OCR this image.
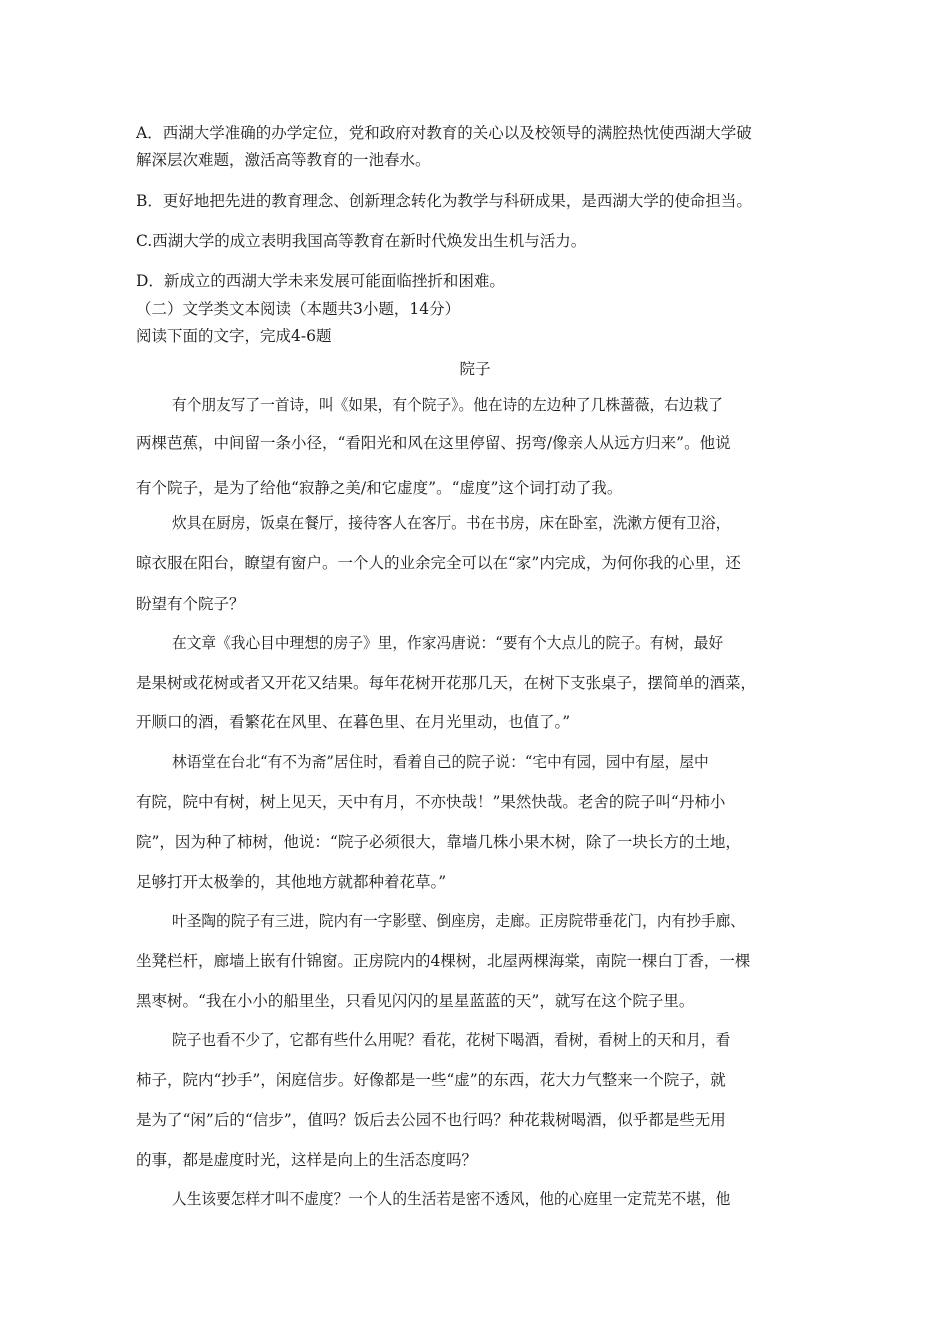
A．西湖大学准确的办学定位，党和政府对教育的关心以及校领导的满腔热忱使西湖大学破
解深层次难题，激活高等教育的一池春水。
B．更好地把先进的教育理念、创新理念转化为教学与科研成果，是西湖大学的使命担当。
C.西湖大学的成立表明我国高等教育在新时代焕发出生机与活力。
D．新成立的西湖大学未来发展可能面临挫折和困难。
（二）文学类文本阅读（本题共3小题，14分）
阅读下面的文字，完成4-6题
院子
有个朋友写了一首诗，叫《如果，有个院子》。他在诗的左边种了几株蔷薇，右边栽了
两棵芭蕉，中间留一条小径，“看阳光和风在这里停留、拐弯/像亲人从远方归来”。他说
有个院子，是为了给他“寂静之美/和它虚度”。“虚度”这个词打动了我。
炊具在厨房，饭桌在餐厅，接待客人在客厅。书在书房，床在卧室，洗漱方便有卫浴，
晾衣服在阳台，瞭望有窗户。一个人的业余完全可以在“家”内完成，为何你我的心里，还
盼望有个院子？
在文章《我心目中理想的房子》里，作家冯唐说：“要有个大点儿的院子。有树，最好
是果树或花树或者又开花又结果。每年花树开花那几天，在树下支张桌子，摆简单的酒菜，
开顺口的酒，看繁花在风里、在暮色里、在月光里动，也值了。”
林语堂在台北“有不为斋”居住时，看着自己的院子说：“宅中有园，园中有屋，屋中
有院，院中有树，树上见天，天中有月，不亦快哉！”果然快哉。老舍的院子叫“丹柿小
院”，因为种了柿树，他说：“院子必须很大，靠墙几株小果木树，除了一块长方的土地，
足够打开太极拳的，其他地方就都种着花草。”
叶圣陶的院子有三进，院内有一字影壁、倒座房，走廊。正房院带垂花门，内有抄手廊、
坐凳栏杆，廊墙上嵌有什锦窗。正房院内的4棵树，北屋两棵海棠，南院一棵白丁香，一棵
黑枣树。“我在小小的船里坐，只看见闪闪的星星蓝蓝的天”，就写在这个院子里。
院子也看不少了，它都有些什么用呢？看花，花树下喝酒，看树，看树上的天和月，看
柿子，院内“抄手”，闲庭信步。好像都是一些“虚”的东西，花大力气整来一个院子，就
是为了“闲”后的“信步”，值吗？饭后去公园不也行吗？种花栽树喝酒，似乎都是些无用
的事，都是虚度时光，这样是向上的生活态度吗？
人生该要怎样才叫不虚度？一个人的生活若是密不透风，他的心庭里一定荒芜不堪，他
